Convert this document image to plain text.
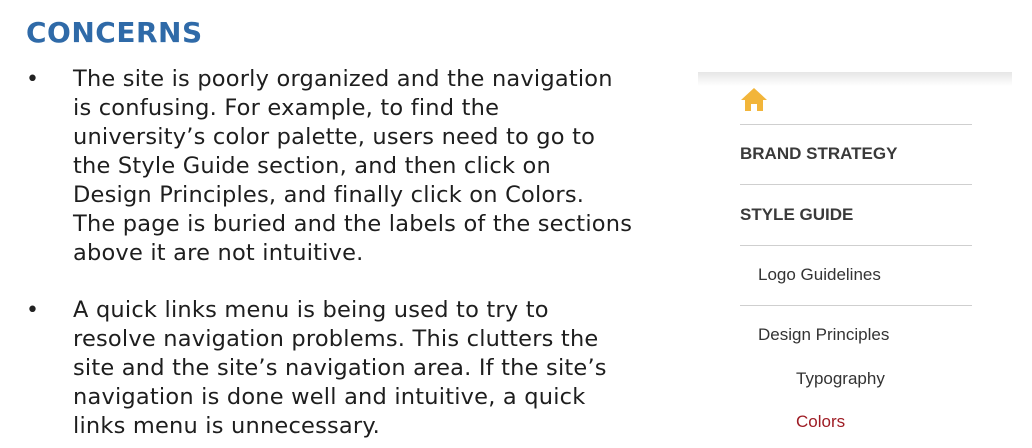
CONCERNS
• The site is poorly organized and the navigation is confusing. For example, to find the university’s color palette, users need to go to the Style Guide section, and then click on Design Principles, and finally click on Colors. The page is buried and the labels of the sections above it are not intuitive.
• A quick links menu is being used to try to resolve navigation problems. This clutters the site and the site’s navigation area. If the site’s navigation is done well and intuitive, a quick links menu is unnecessary.
BRAND STRATEGY
STYLE GUIDE
Logo Guidelines
Design Principles
Typography
Colors
